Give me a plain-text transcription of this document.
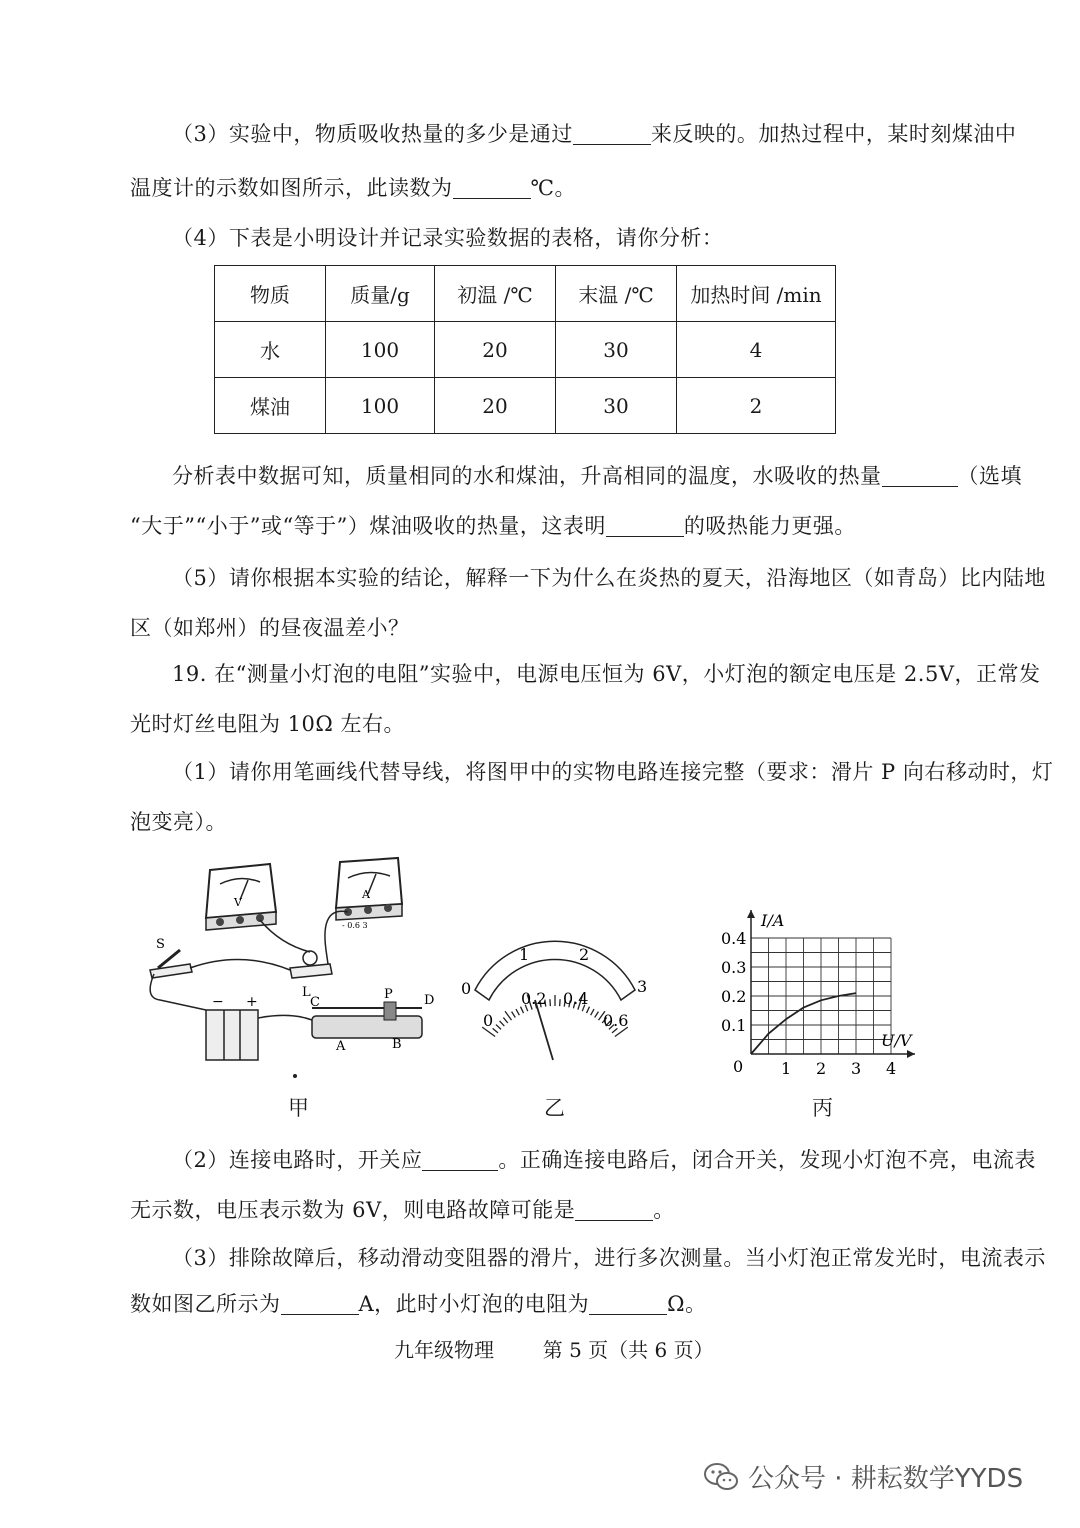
（3）实验中，物质吸收热量的多少是通过	来反映的。加热过程中，某时刻煤油中
温度计的示数如图所示，此读数为	℃。
（4）下表是小明设计并记录实验数据的表格，请你分析：
物质	质量/g	初温 /℃	末温 /℃	加热时间 /min
水	100	20	30	4
煤油	100	20	30	2
分析表中数据可知，质量相同的水和煤油，升高相同的温度，水吸收的热量	（选填
“大于”“小于”或“等于”）煤油吸收的热量，这表明	的吸热能力更强。
（5）请你根据本实验的结论，解释一下为什么在炎热的夏天，沿海地区（如青岛）比内陆地
区（如郑州）的昼夜温差小？
19. 在“测量小灯泡的电阻”实验中，电源电压恒为 6V，小灯泡的额定电压是 2.5V，正常发
光时灯丝电阻为 10Ω 左右。
（1）请你用笔画线代替导线，将图甲中的实物电路连接完整（要求：滑片 P 向右移动时，灯
泡变亮）。
V
A
- 0.6 3
S
L
− +	C
P D
A	B
甲
0
1	2
3
0
0.2 0.4
0.6
乙
I/A
U/V
0
0.1
0.2
0.3
0.4
1 2 3 4
丙
（2）连接电路时，开关应	。正确连接电路后，闭合开关，发现小灯泡不亮，电流表
无示数，电压表示数为 6V，则电路故障可能是	。
（3）排除故障后，移动滑动变阻器的滑片，进行多次测量。当小灯泡正常发光时，电流表示
数如图乙所示为	A，此时小灯泡的电阻为	Ω。
九年级物理 第 5 页（共 6 页）
公众号 · 耕耘数学YYDS
